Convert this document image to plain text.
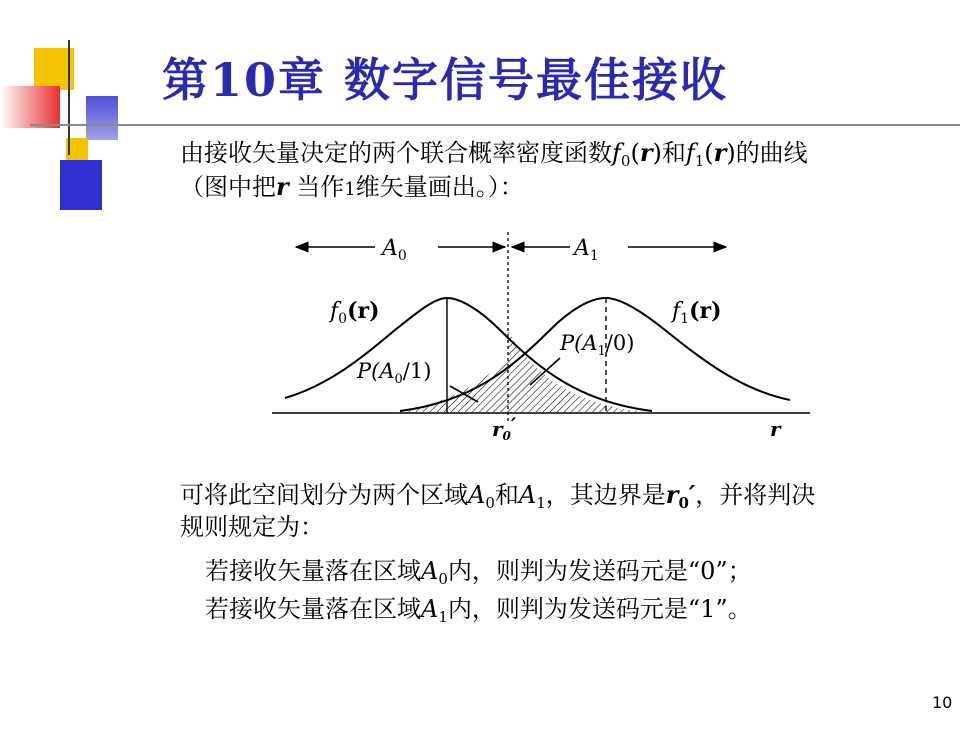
第10章 数字信号最佳接收
由接收矢量决定的两个联合概率密度函数$f_0(r)$和$f_1(r)$的曲线
（图中把r 当作1维矢量画出。）：
$A_0$	$A_1$
$f_0(r)$	$f_1(r)$
$P(A_1/0)$
$P(A_0/1)$
$r_0'$	r
可将此空间划分为两个区域$A_0$和$A_1$，其边界是$r_0'$，并将判决
规则规定为：
若接收矢量落在区域$A_0$内，则判为发送码元是“0”；
若接收矢量落在区域$A_1$内，则判为发送码元是“1”。
10
